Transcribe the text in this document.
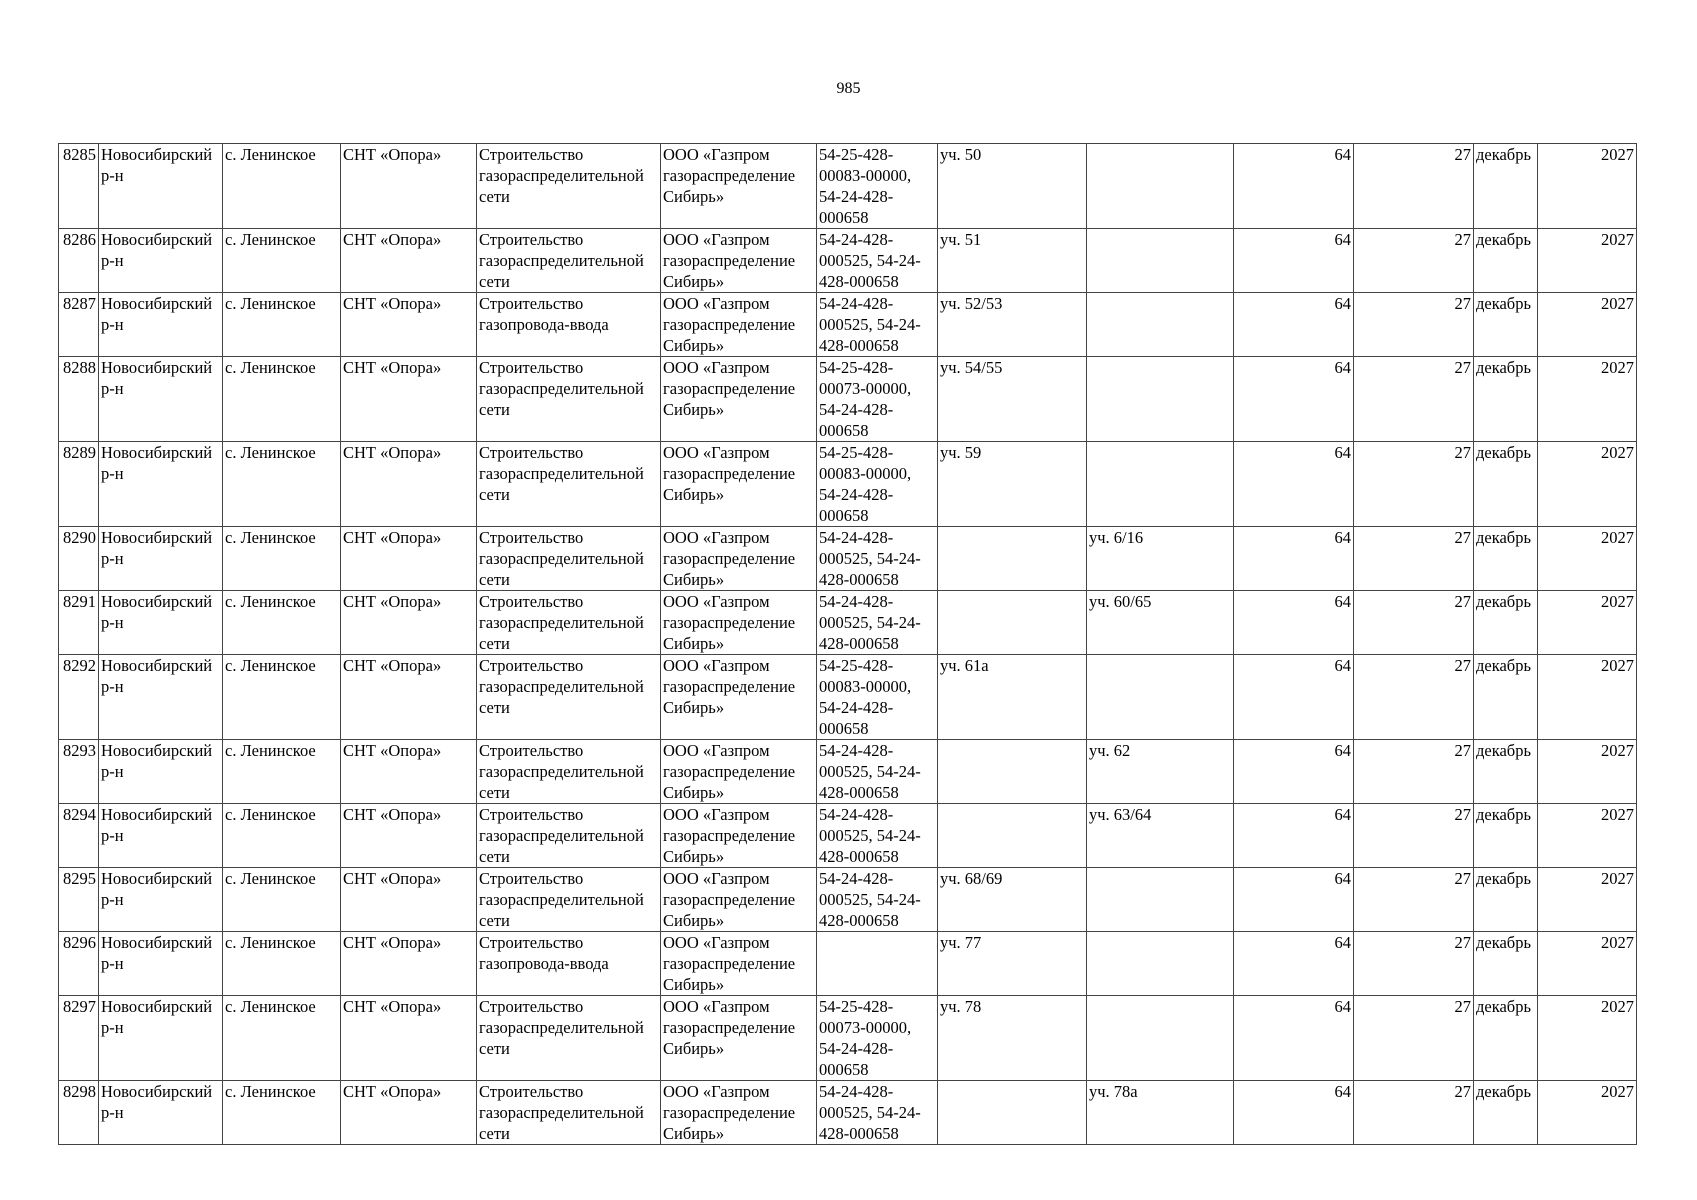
985
8285	Новосибирский р-н	с. Ленинское	СНТ «Опора»	Строительство газораспределительной сети	ООО «Газпром газораспределение Сибирь»	54-25-428-00083-00000, 54-24-428-000658	уч. 50		64	27	декабрь	2027
8286	Новосибирский р-н	с. Ленинское	СНТ «Опора»	Строительство газораспределительной сети	ООО «Газпром газораспределение Сибирь»	54-24-428-000525, 54-24-428-000658	уч. 51		64	27	декабрь	2027
8287	Новосибирский р-н	с. Ленинское	СНТ «Опора»	Строительство газопровода-ввода	ООО «Газпром газораспределение Сибирь»	54-24-428-000525, 54-24-428-000658	уч. 52/53		64	27	декабрь	2027
8288	Новосибирский р-н	с. Ленинское	СНТ «Опора»	Строительство газораспределительной сети	ООО «Газпром газораспределение Сибирь»	54-25-428-00073-00000, 54-24-428-000658	уч. 54/55		64	27	декабрь	2027
8289	Новосибирский р-н	с. Ленинское	СНТ «Опора»	Строительство газораспределительной сети	ООО «Газпром газораспределение Сибирь»	54-25-428-00083-00000, 54-24-428-000658	уч. 59		64	27	декабрь	2027
8290	Новосибирский р-н	с. Ленинское	СНТ «Опора»	Строительство газораспределительной сети	ООО «Газпром газораспределение Сибирь»	54-24-428-000525, 54-24-428-000658		уч. 6/16	64	27	декабрь	2027
8291	Новосибирский р-н	с. Ленинское	СНТ «Опора»	Строительство газораспределительной сети	ООО «Газпром газораспределение Сибирь»	54-24-428-000525, 54-24-428-000658		уч. 60/65	64	27	декабрь	2027
8292	Новосибирский р-н	с. Ленинское	СНТ «Опора»	Строительство газораспределительной сети	ООО «Газпром газораспределение Сибирь»	54-25-428-00083-00000, 54-24-428-000658	уч. 61а		64	27	декабрь	2027
8293	Новосибирский р-н	с. Ленинское	СНТ «Опора»	Строительство газораспределительной сети	ООО «Газпром газораспределение Сибирь»	54-24-428-000525, 54-24-428-000658		уч. 62	64	27	декабрь	2027
8294	Новосибирский р-н	с. Ленинское	СНТ «Опора»	Строительство газораспределительной сети	ООО «Газпром газораспределение Сибирь»	54-24-428-000525, 54-24-428-000658		уч. 63/64	64	27	декабрь	2027
8295	Новосибирский р-н	с. Ленинское	СНТ «Опора»	Строительство газораспределительной сети	ООО «Газпром газораспределение Сибирь»	54-24-428-000525, 54-24-428-000658	уч. 68/69		64	27	декабрь	2027
8296	Новосибирский р-н	с. Ленинское	СНТ «Опора»	Строительство газопровода-ввода	ООО «Газпром газораспределение Сибирь»		уч. 77		64	27	декабрь	2027
8297	Новосибирский р-н	с. Ленинское	СНТ «Опора»	Строительство газораспределительной сети	ООО «Газпром газораспределение Сибирь»	54-25-428-00073-00000, 54-24-428-000658	уч. 78		64	27	декабрь	2027
8298	Новосибирский р-н	с. Ленинское	СНТ «Опора»	Строительство газораспределительной сети	ООО «Газпром газораспределение Сибирь»	54-24-428-000525, 54-24-428-000658		уч. 78а	64	27	декабрь	2027
